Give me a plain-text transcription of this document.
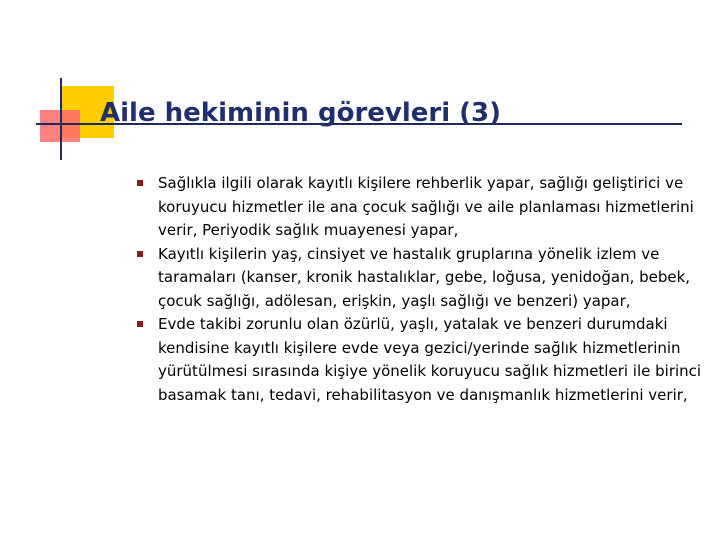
Aile hekiminin görevleri (3)
Sağlıkla ilgili olarak kayıtlı kişilere rehberlik yapar, sağlığı geliştirici ve koruyucu hizmetler ile ana çocuk sağlığı ve aile planlaması hizmetlerini verir, Periyodik sağlık muayenesi yapar,
Kayıtlı kişilerin yaş, cinsiyet ve hastalık gruplarına yönelik izlem ve taramaları (kanser, kronik hastalıklar, gebe, loğusa, yenidoğan, bebek, çocuk sağlığı, adölesan, erişkin, yaşlı sağlığı ve benzeri) yapar,
Evde takibi zorunlu olan özürlü, yaşlı, yatalak ve benzeri durumdaki kendisine kayıtlı kişilere evde veya gezici/yerinde sağlık hizmetlerinin yürütülmesi sırasında kişiye yönelik koruyucu sağlık hizmetleri ile birinci basamak tanı, tedavi, rehabilitasyon ve danışmanlık hizmetlerini verir,
